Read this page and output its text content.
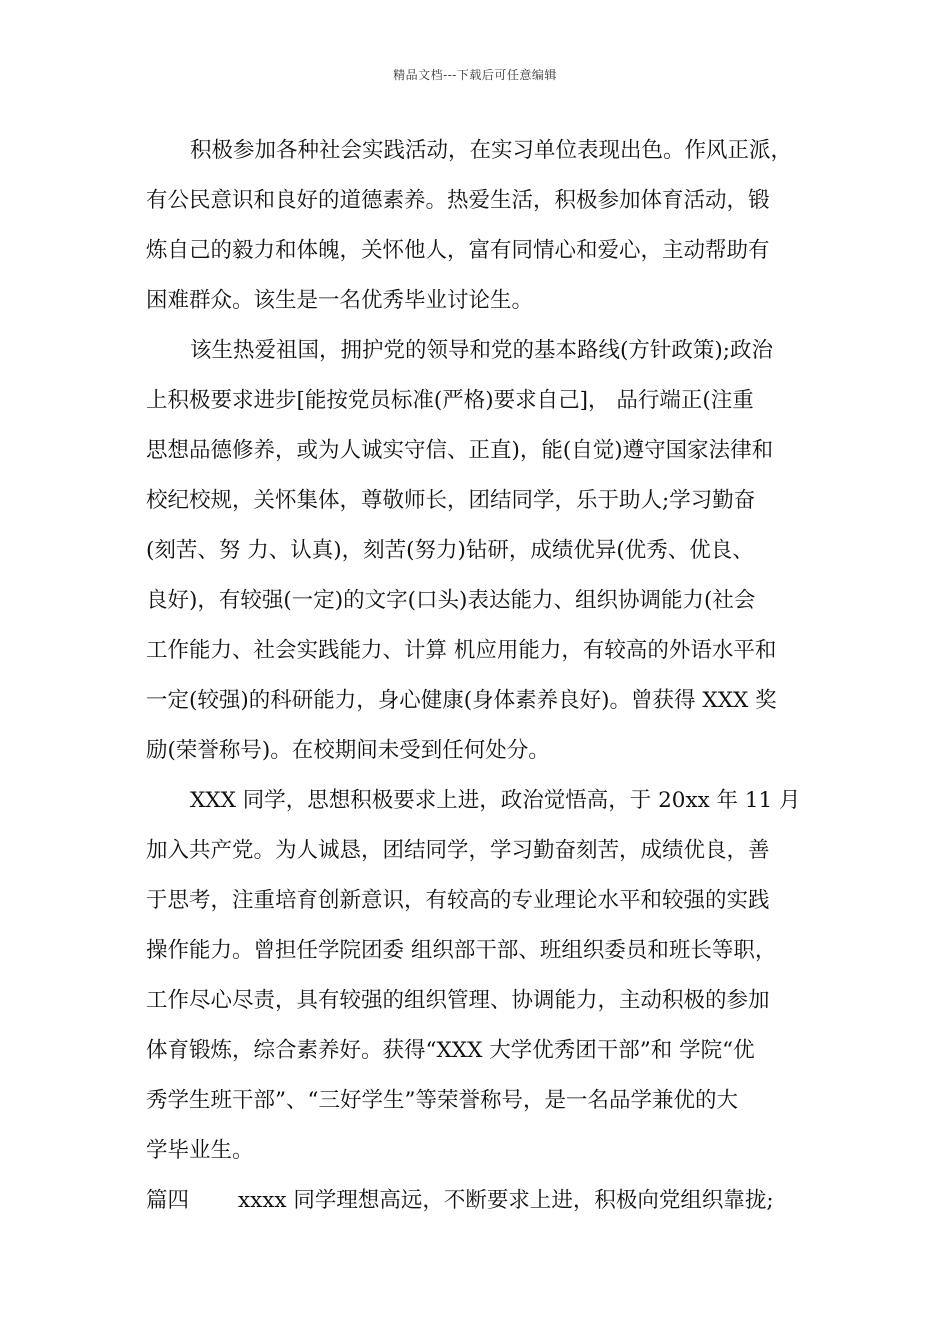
精品文档---下载后可任意编辑
积极参加各种社会实践活动，在实习单位表现出色。作风正派，
有公民意识和良好的道德素养。热爱生活，积极参加体育活动，锻
炼自己的毅力和体魄，关怀他人，富有同情心和爱心，主动帮助有
困难群众。该生是一名优秀毕业讨论生。
该生热爱祖国，拥护党的领导和党的基本路线(方针政策);政治
上积极要求进步[能按党员标准(严格)要求自己]， 品行端正(注重
思想品德修养，或为人诚实守信、正直)，能(自觉)遵守国家法律和
校纪校规，关怀集体，尊敬师长，团结同学，乐于助人;学习勤奋
(刻苦、努 力、认真)，刻苦(努力)钻研，成绩优异(优秀、优良、
良好)，有较强(一定)的文字(口头)表达能力、组织协调能力(社会
工作能力、社会实践能力、计算 机应用能力，有较高的外语水平和
一定(较强)的科研能力，身心健康(身体素养良好)。曾获得 XXX 奖
励(荣誉称号)。在校期间未受到任何处分。
XXX 同学，思想积极要求上进，政治觉悟高，于 20xx 年 11 月
加入共产党。为人诚恳，团结同学，学习勤奋刻苦，成绩优良，善
于思考，注重培育创新意识，有较高的专业理论水平和较强的实践
操作能力。曾担任学院团委 组织部干部、班组织委员和班长等职，
工作尽心尽责，具有较强的组织管理、协调能力，主动积极的参加
体育锻炼，综合素养好。获得“XXX 大学优秀团干部”和 学院“优
秀学生班干部”、“三好学生”等荣誉称号，是一名品学兼优的大
学毕业生。
篇四 xxxx 同学理想高远，不断要求上进，积极向党组织靠拢;
